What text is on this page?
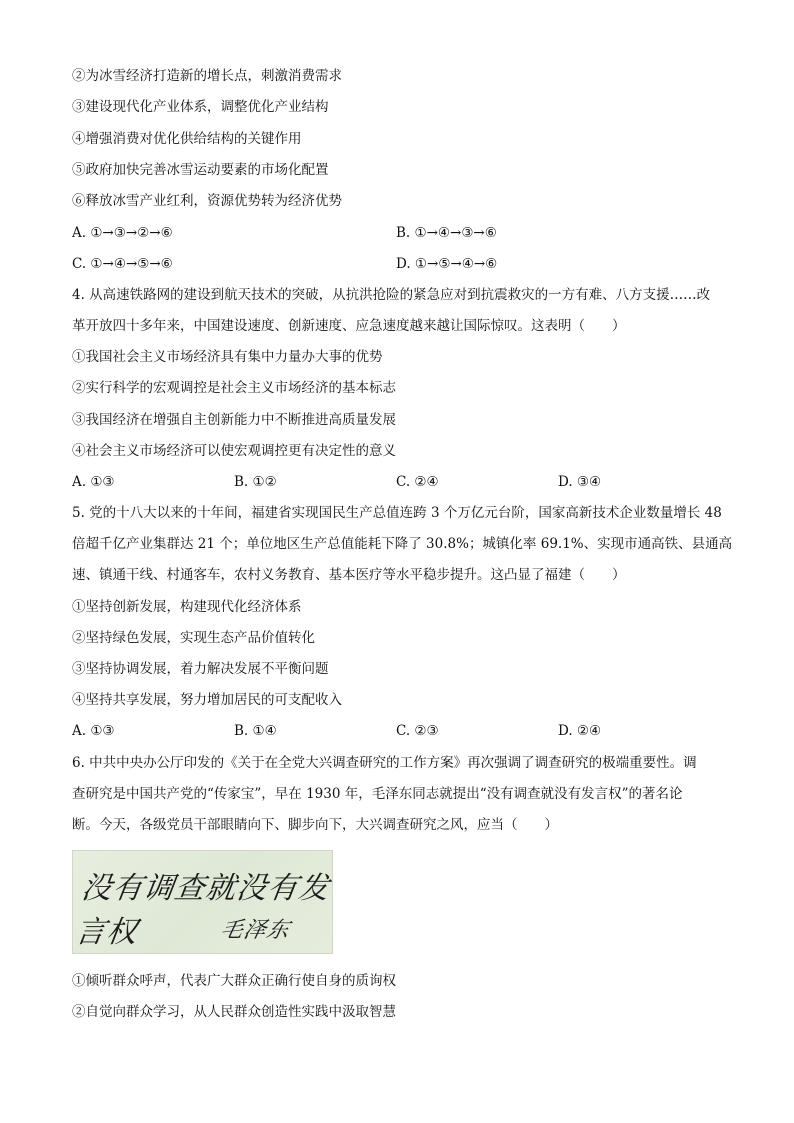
②为冰雪经济打造新的增长点，刺激消费需求
③建设现代化产业体系，调整优化产业结构
④增强消费对优化供给结构的关键作用
⑤政府加快完善冰雪运动要素的市场化配置
⑥释放冰雪产业红利，资源优势转为经济优势
A. ①→③→②→⑥	B. ①→④→③→⑥
C. ①→④→⑤→⑥	D. ①→⑤→④→⑥
4. 从高速铁路网的建设到航天技术的突破，从抗洪抢险的紧急应对到抗震救灾的一方有难、八方支援……改
革开放四十多年来，中国建设速度、创新速度、应急速度越来越让国际惊叹。这表明（　　）
①我国社会主义市场经济具有集中力量办大事的优势
②实行科学的宏观调控是社会主义市场经济的基本标志
③我国经济在增强自主创新能力中不断推进高质量发展
④社会主义市场经济可以使宏观调控更有决定性的意义
A. ①③	B. ①②	C. ②④	D. ③④
5. 党的十八大以来的十年间，福建省实现国民生产总值连跨 3 个万亿元台阶，国家高新技术企业数量增长 48
倍超千亿产业集群达 21 个；单位地区生产总值能耗下降了 30.8%；城镇化率 69.1%、实现市通高铁、县通高
速、镇通干线、村通客车，农村义务教育、基本医疗等水平稳步提升。这凸显了福建（　　）
①坚持创新发展，构建现代化经济体系
②坚持绿色发展，实现生态产品价值转化
③坚持协调发展，着力解决发展不平衡问题
④坚持共享发展，努力增加居民的可支配收入
A. ①③	B. ①④	C. ②③	D. ②④
6. 中共中央办公厅印发的《关于在全党大兴调查研究的工作方案》再次强调了调查研究的极端重要性。调
查研究是中国共产党的“传家宝”，早在 1930 年，毛泽东同志就提出“没有调查就没有发言权”的著名论
断。今天，各级党员干部眼睛向下、脚步向下，大兴调查研究之风，应当（　　）
没有调查就没有发言权	毛泽东
①倾听群众呼声，代表广大群众正确行使自身的质询权
②自觉向群众学习，从人民群众创造性实践中汲取智慧
